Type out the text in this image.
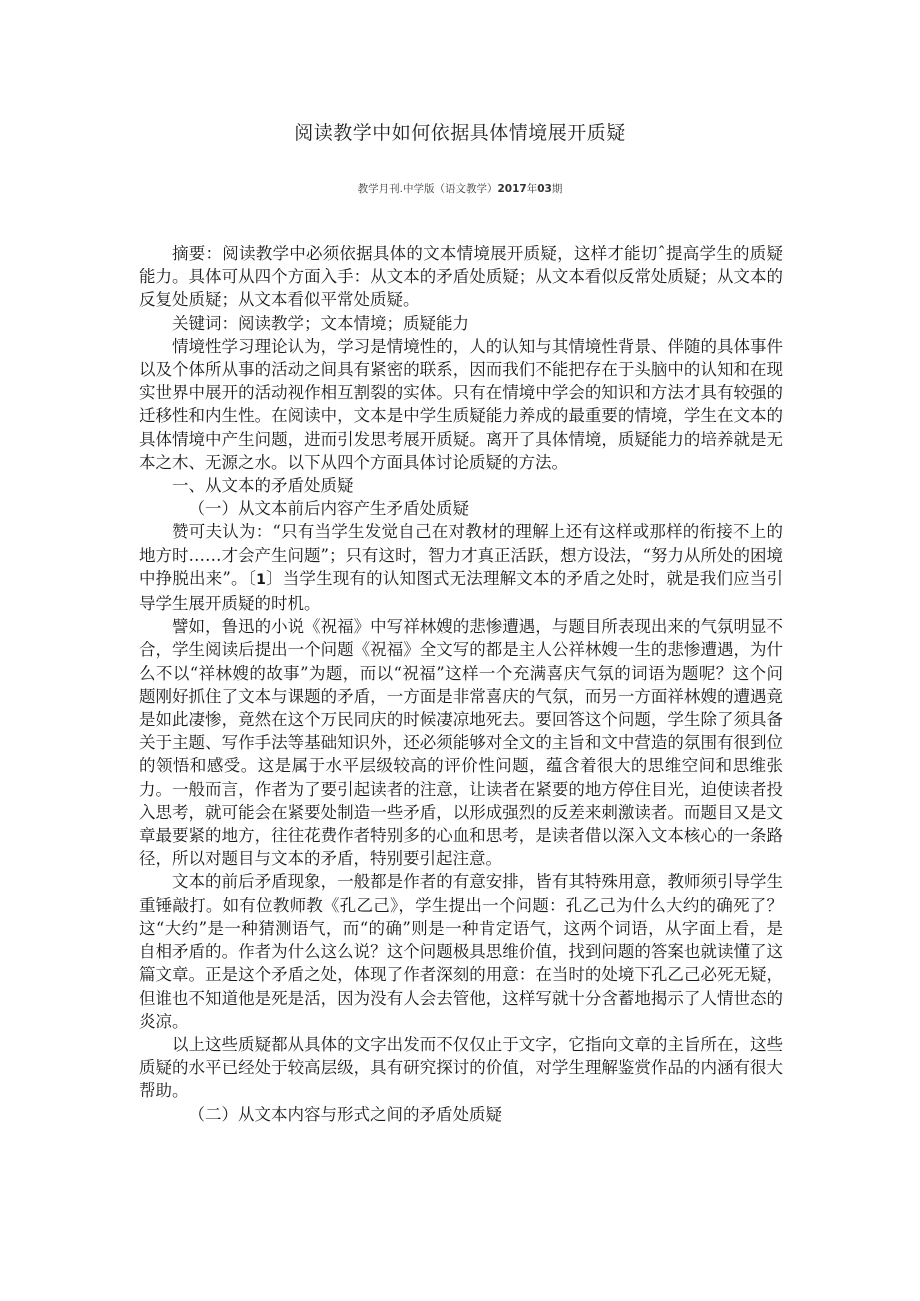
阅读教学中如何依据具体情境展开质疑
教学月刊.中学版（语文教学）2017年03期

摘要：阅读教学中必须依据具体的文本情境展开质疑，这样才能切ˆ提高学生的质疑能力。具体可从四个方面入手：从文本的矛盾处质疑；从文本看似反常处质疑；从文本的反复处质疑；从文本看似平常处质疑。

关键词：阅读教学；文本情境；质疑能力

情境性学习理论认为，学习是情境性的，人的认知与其情境性背景、伴随的具体事件以及个体所从事的活动之间具有紧密的联系，因而我们不能把存在于头脑中的认知和在现实世界中展开的活动视作相互割裂的实体。只有在情境中学会的知识和方法才具有较强的迁移性和内生性。在阅读中，文本是中学生质疑能力养成的最重要的情境，学生在文本的具体情境中产生问题，进而引发思考展开质疑。离开了具体情境，质疑能力的培养就是无本之木、无源之水。以下从四个方面具体讨论质疑的方法。

一、从文本的矛盾处质疑

（一）从文本前后内容产生矛盾处质疑

赞可夫认为：“只有当学生发觉自己在对教材的理解上还有这样或那样的衔接不上的地方时……才会产生问题”；只有这时，智力才真正活跃，想方设法，“努力从所处的困境中挣脱出来”。〔1〕当学生现有的认知图式无法理解文本的矛盾之处时，就是我们应当引导学生展开质疑的时机。

譬如，鲁迅的小说《祝福》中写祥林嫂的悲惨遭遇，与题目所表现出来的气氛明显不合，学生阅读后提出一个问题《祝福》全文写的都是主人公祥林嫂一生的悲惨遭遇，为什么不以“祥林嫂的故事”为题，而以“祝福”这样一个充满喜庆气氛的词语为题呢？这个问题刚好抓住了文本与课题的矛盾，一方面是非常喜庆的气氛，而另一方面祥林嫂的遭遇竟是如此凄惨，竟然在这个万民同庆的时候凄凉地死去。要回答这个问题，学生除了须具备关于主题、写作手法等基础知识外，还必须能够对全文的主旨和文中营造的氛围有很到位的领悟和感受。这是属于水平层级较高的评价性问题，蕴含着很大的思维空间和思维张力。一般而言，作者为了要引起读者的注意，让读者在紧要的地方停住目光，迫使读者投入思考，就可能会在紧要处制造一些矛盾，以形成强烈的反差来刺激读者。而题目又是文章最要紧的地方，往往花费作者特别多的心血和思考，是读者借以深入文本核心的一条路径，所以对题目与文本的矛盾，特别要引起注意。

文本的前后矛盾现象，一般都是作者的有意安排，皆有其特殊用意，教师须引导学生重锤敲打。如有位教师教《孔乙己》，学生提出一个问题：孔乙己为什么大约的确死了？这“大约”是一种猜测语气，而“的确”则是一种肯定语气，这两个词语，从字面上看，是自相矛盾的。作者为什么这么说？这个问题极具思维价值，找到问题的答案也就读懂了这篇文章。正是这个矛盾之处，体现了作者深刻的用意：在当时的处境下孔乙己必死无疑，但谁也不知道他是死是活，因为没有人会去管他，这样写就十分含蓄地揭示了人情世态的炎凉。

以上这些质疑都从具体的文字出发而不仅仅止于文字，它指向文章的主旨所在，这些质疑的水平已经处于较高层级，具有研究探讨的价值，对学生理解鉴赏作品的内涵有很大帮助。

（二）从文本内容与形式之间的矛盾处质疑
